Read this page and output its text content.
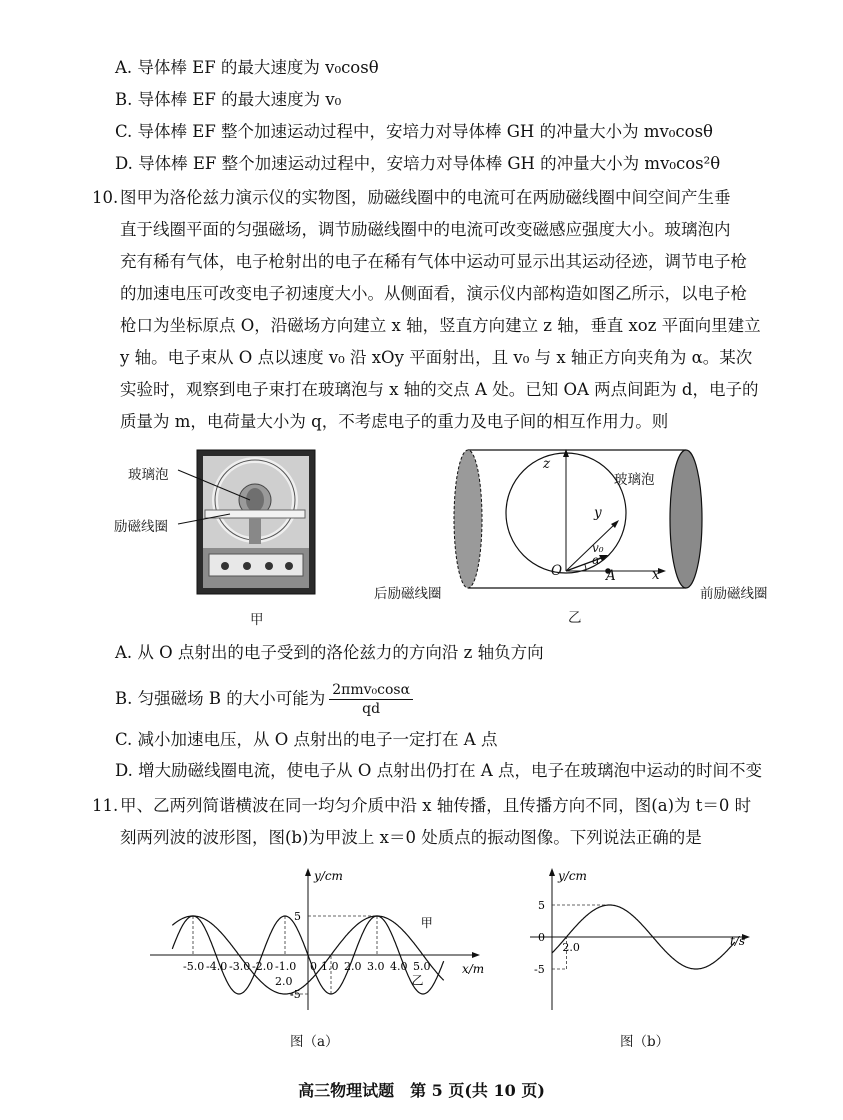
A. 导体棒 EF 的最大速度为 v₀cosθ
B. 导体棒 EF 的最大速度为 v₀
C. 导体棒 EF 整个加速运动过程中，安培力对导体棒 GH 的冲量大小为 mv₀cosθ
D. 导体棒 EF 整个加速运动过程中，安培力对导体棒 GH 的冲量大小为 mv₀cos²θ
10. 图甲为洛伦兹力演示仪的实物图，励磁线圈中的电流可在两励磁线圈中间空间产生垂
直于线圈平面的匀强磁场，调节励磁线圈中的电流可改变磁感应强度大小。玻璃泡内
充有稀有气体，电子枪射出的电子在稀有气体中运动可显示出其运动径迹，调节电子枪
的加速电压可改变电子初速度大小。从侧面看，演示仪内部构造如图乙所示，以电子枪
枪口为坐标原点 O，沿磁场方向建立 x 轴，竖直方向建立 z 轴，垂直 xoz 平面向里建立
y 轴。电子束从 O 点以速度 v₀ 沿 xOy 平面射出，且 v₀ 与 x 轴正方向夹角为 α。某次
实验时，观察到电子束打在玻璃泡与 x 轴的交点 A 处。已知 OA 两点间距为 d，电子的
质量为 m，电荷量大小为 q，不考虑电子的重力及电子间的相互作用力。则
玻璃泡
励磁线圈
甲
z
玻璃泡
y
v₀
α
O	A	x
后励磁线圈	前励磁线圈
乙
A. 从 O 点射出的电子受到的洛伦兹力的方向沿 z 轴负方向
B. 匀强磁场 B 的大小可能为 $\frac{\text{2πmv₀cosα}}{qd}$
C. 减小加速电压，从 O 点射出的电子一定打在 A 点
D. 增大励磁线圈电流，使电子从 O 点射出仍打在 A 点，电子在玻璃泡中运动的时间不变
11. 甲、乙两列简谐横波在同一均匀介质中沿 x 轴传播，且传播方向不同，图(a)为 t＝0 时
刻两列波的波形图，图(b)为甲波上 x＝0 处质点的振动图像。下列说法正确的是
y/cm
x/m
-5.0 -4.0 -3.0 -2.0 -1.0 0 1.0 2.0 3.0 4.0 5.0
5
-5
2.0
甲
乙
y/cm
t/s
5
0
-5
2.0
图（a）	图（b）
高三物理试题　第 5 页(共 10 页)
